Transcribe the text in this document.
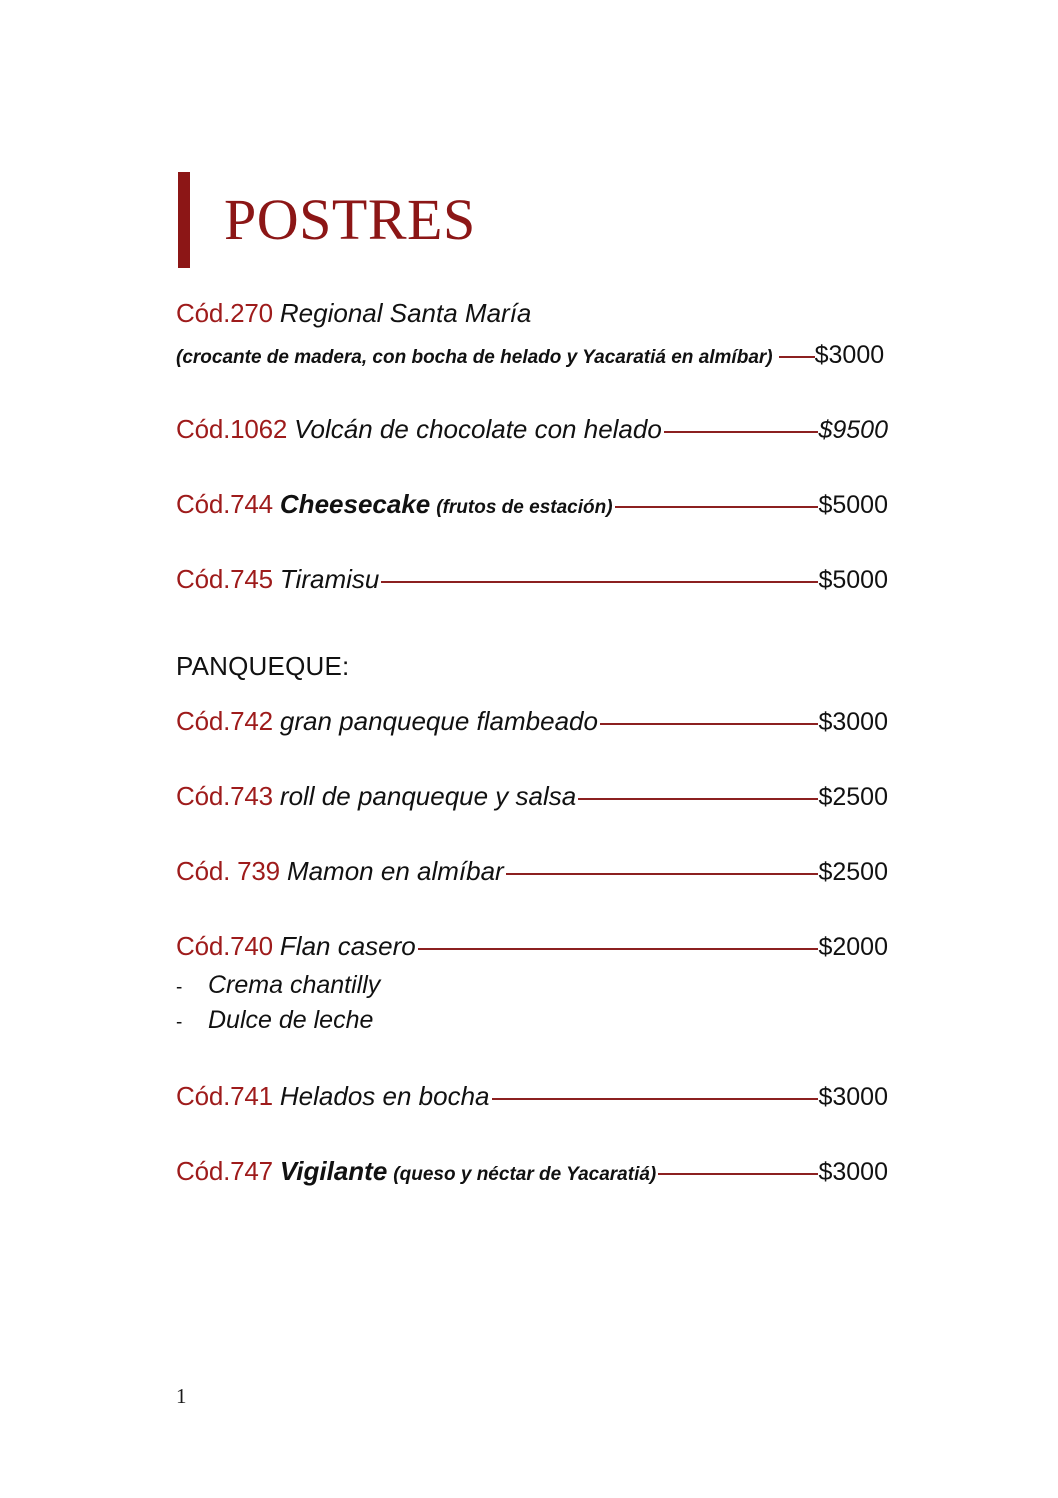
POSTRES
Cód.270 Regional Santa María
(crocante de madera, con bocha de helado y Yacaratiá en almíbar) $3000
Cód.1062 Volcán de chocolate con helado	$9500
Cód.744 Cheesecake (frutos de estación)	$5000
Cód.745 Tiramisu	$5000
PANQUEQUE:
Cód.742 gran panqueque flambeado	$3000
Cód.743 roll de panqueque y salsa	$2500
Cód. 739 Mamon en almíbar	$2500
Cód.740 Flan casero	$2000
-	Crema chantilly
-	Dulce de leche
Cód.741 Helados en bocha	$3000
Cód.747 Vigilante (queso y néctar de Yacaratiá)	$3000
1
